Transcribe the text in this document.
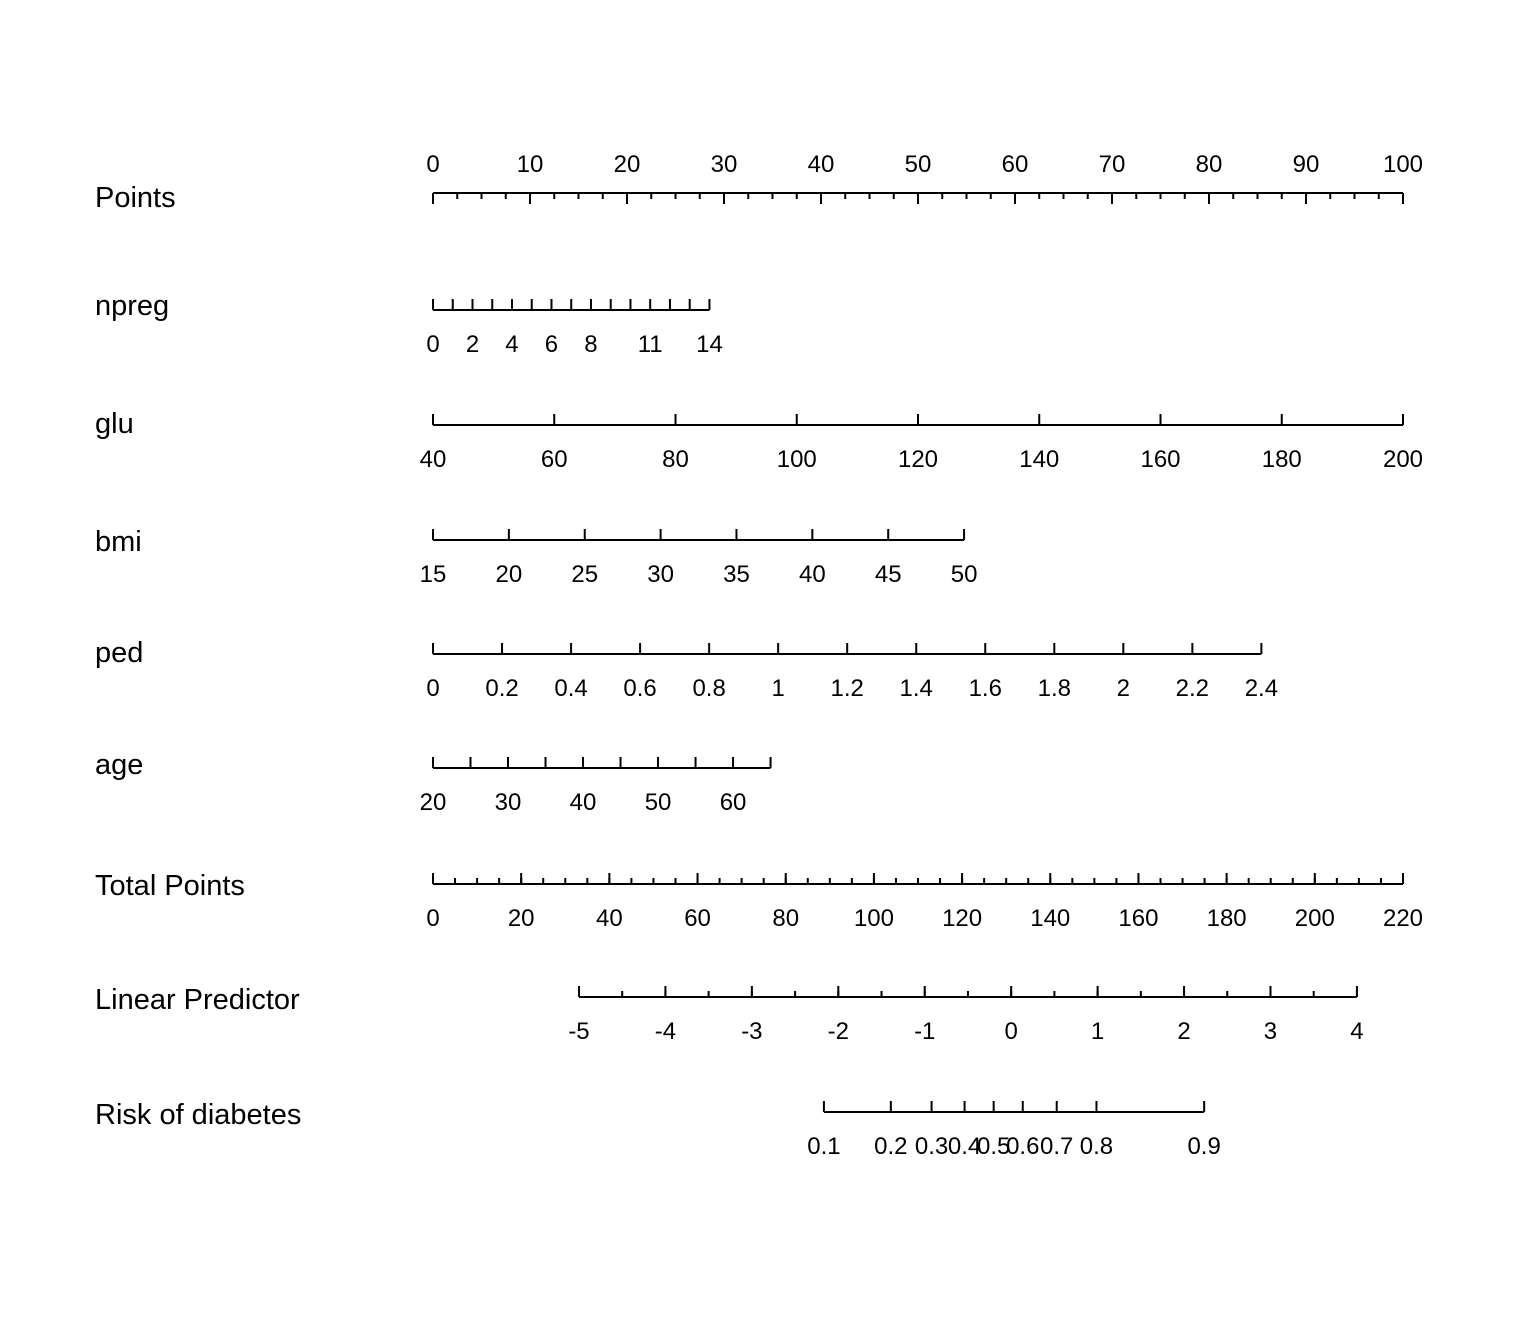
Points
0	10	20	30	40	50	60	70	80	90	100
npreg
0 2 4 6 8 11 14
glu
40	60	80	100	120	140	160	180	200
bmi
15 20 25 30 35 40 45 50
ped
0 0.2 0.4 0.6 0.8 1 1.2 1.4 1.6 1.8 2 2.2 2.4
age
20 30 40 50 60
Total Points
0	20	40	60	80 100 120 140 160 180 200 220
Linear Predictor
-5	-4	-3	-2	-1	0	1	2	3	4
Risk of diabetes
0.1 0.2 0.3 0.4
0.5
0.6 0.7 0.8	0.9
